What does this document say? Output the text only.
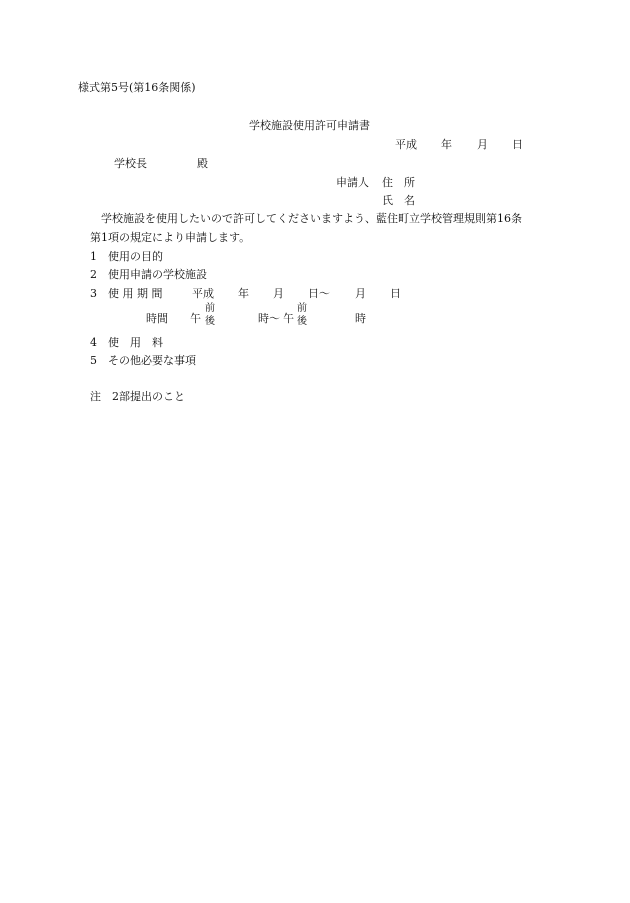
様式第5号(第16条関係)
学校施設使用許可申請書
平成 年 月 日
学校長	殿
申請人 住　所
氏　名
学校施設を使用したいので許可してくださいますよう、藍住町立学校管理規則第16条
第1項の規定により申請します。
1 使用の目的
2 使用申請の学校施設
3 使 用 期 間	平成 年 月 日〜 月 日
時間 午
前
後	時〜 午
前
後	時
4 使　用　料
5 その他必要な事項
注　2部提出のこと
